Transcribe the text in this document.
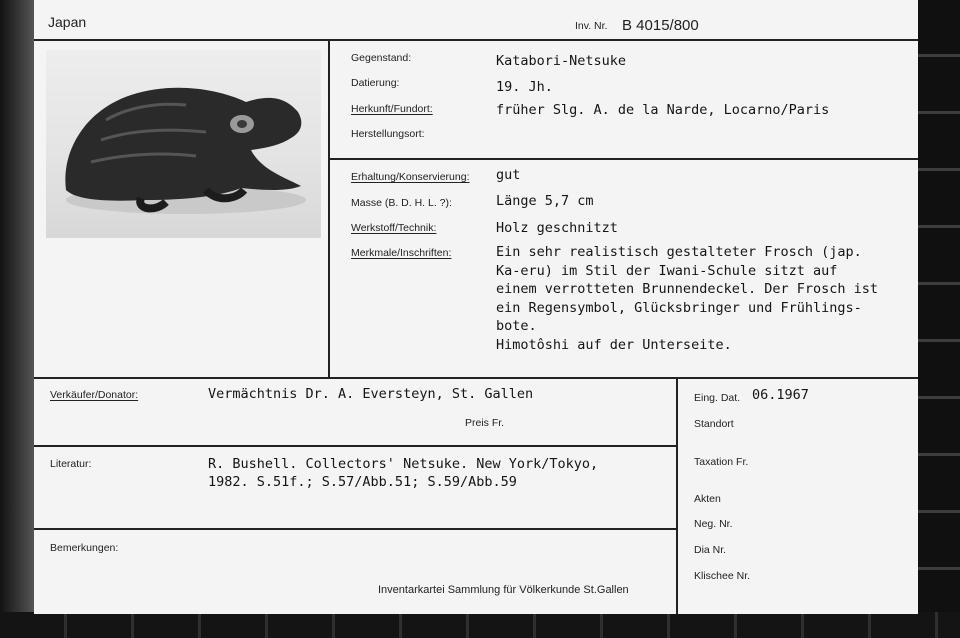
Japan	Inv. Nr. B 4015/800
Gegenstand:	Katabori-Netsuke
Datierung:	19. Jh.
Herkunft/Fundort:	früher Slg. A. de la Narde, Locarno/Paris
Herstellungsort:
Erhaltung/Konservierung: gut
Masse (B. D. H. L. ?):	Länge 5,7 cm
Werkstoff/Technik:	Holz geschnitzt
Merkmale/Inschriften:	Ein sehr realistisch gestalteter Frosch (jap.
Ka-eru) im Stil der Iwani-Schule sitzt auf
einem verrotteten Brunnendeckel. Der Frosch ist
ein Regensymbol, Glücksbringer und Frühlings-
bote.
Himotôshi auf der Unterseite.
Verkäufer/Donator:	Vermächtnis Dr. A. Eversteyn, St. Gallen
Preis Fr.
Literatur:	R. Bushell. Collectors' Netsuke. New York/Tokyo,
1982. S.51f.; S.57/Abb.51; S.59/Abb.59
Bemerkungen:
Inventarkartei Sammlung für Völkerkunde St.Gallen
Eing. Dat. 06.1967
Standort
Taxation Fr.
Akten
Neg. Nr.
Dia Nr.
Klischee Nr.
